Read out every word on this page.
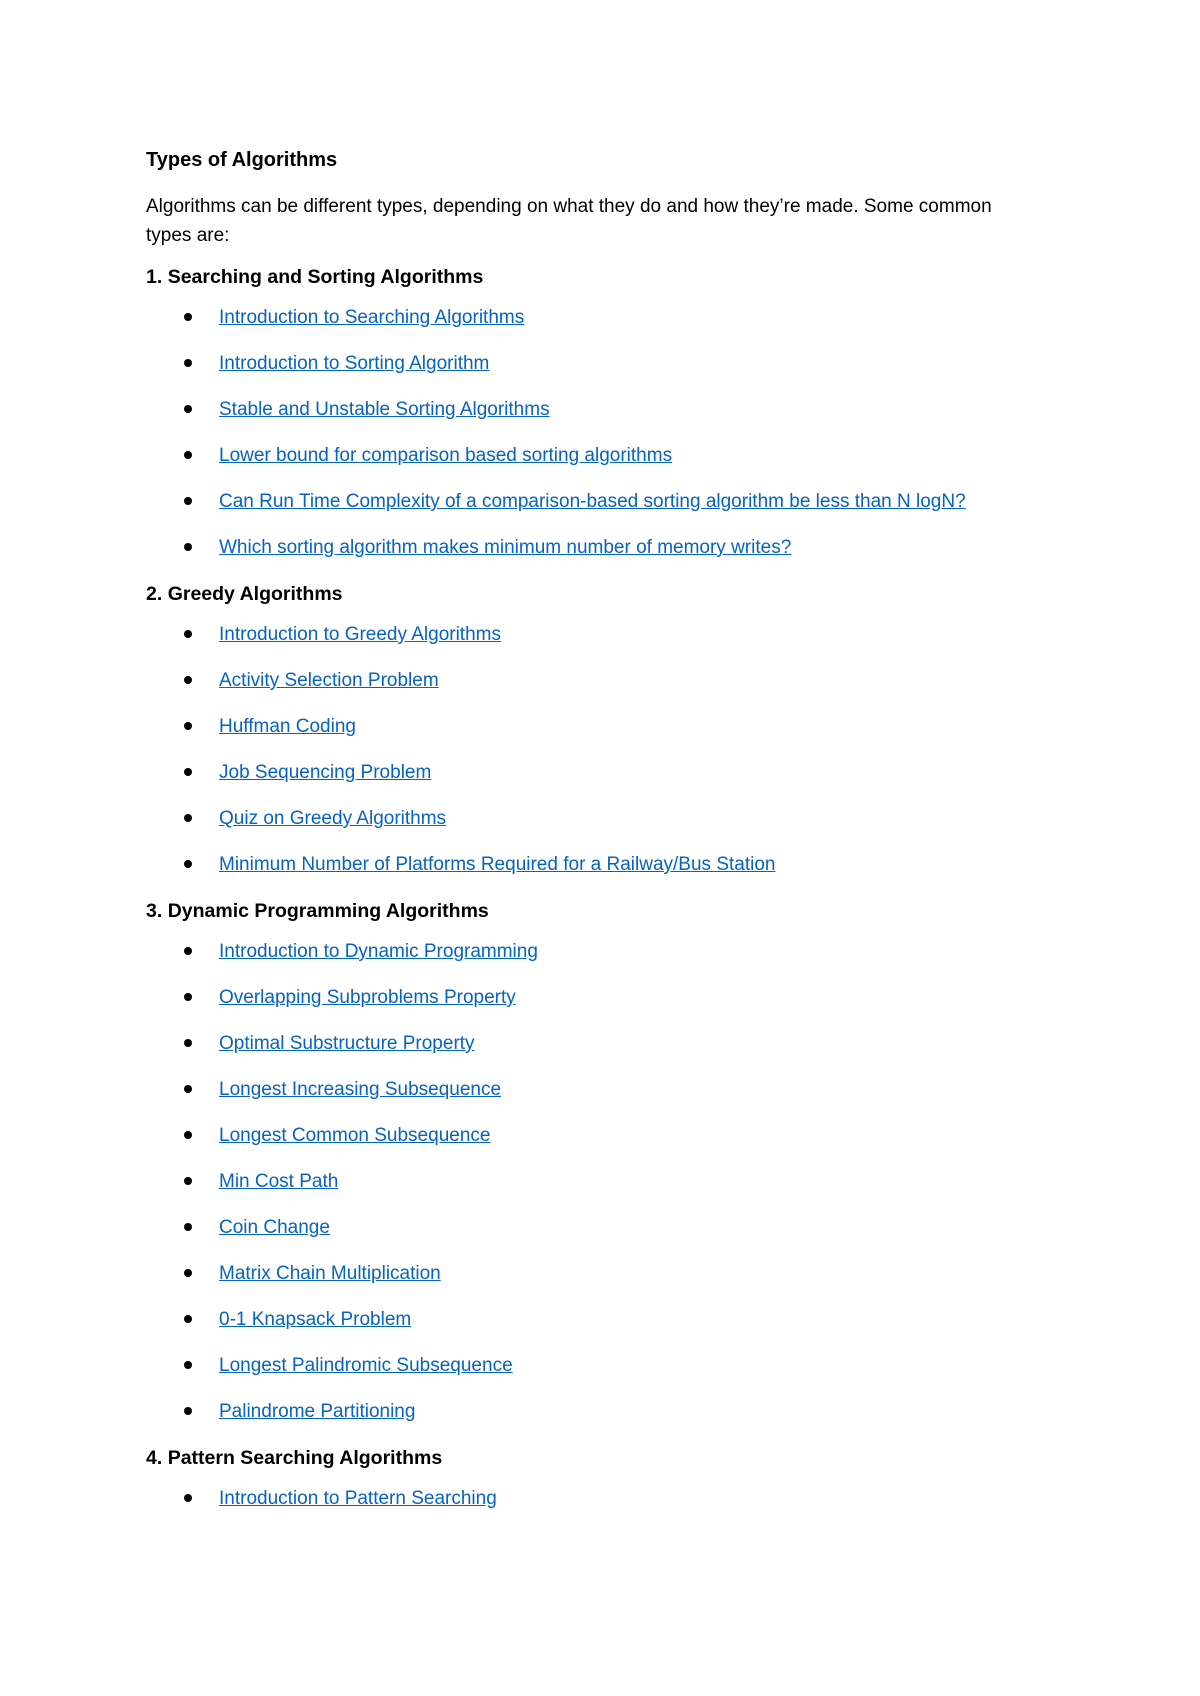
Types of Algorithms
Algorithms can be different types, depending on what they do and how they’re made. Some common types are:
1. Searching and Sorting Algorithms
Introduction to Searching Algorithms
Introduction to Sorting Algorithm
Stable and Unstable Sorting Algorithms
Lower bound for comparison based sorting algorithms
Can Run Time Complexity of a comparison-based sorting algorithm be less than N logN?
Which sorting algorithm makes minimum number of memory writes?
2. Greedy Algorithms
Introduction to Greedy Algorithms
Activity Selection Problem
Huffman Coding
Job Sequencing Problem
Quiz on Greedy Algorithms
Minimum Number of Platforms Required for a Railway/Bus Station
3. Dynamic Programming Algorithms
Introduction to Dynamic Programming
Overlapping Subproblems Property
Optimal Substructure Property
Longest Increasing Subsequence
Longest Common Subsequence
Min Cost Path
Coin Change
Matrix Chain Multiplication
0-1 Knapsack Problem
Longest Palindromic Subsequence
Palindrome Partitioning
4. Pattern Searching Algorithms
Introduction to Pattern Searching
